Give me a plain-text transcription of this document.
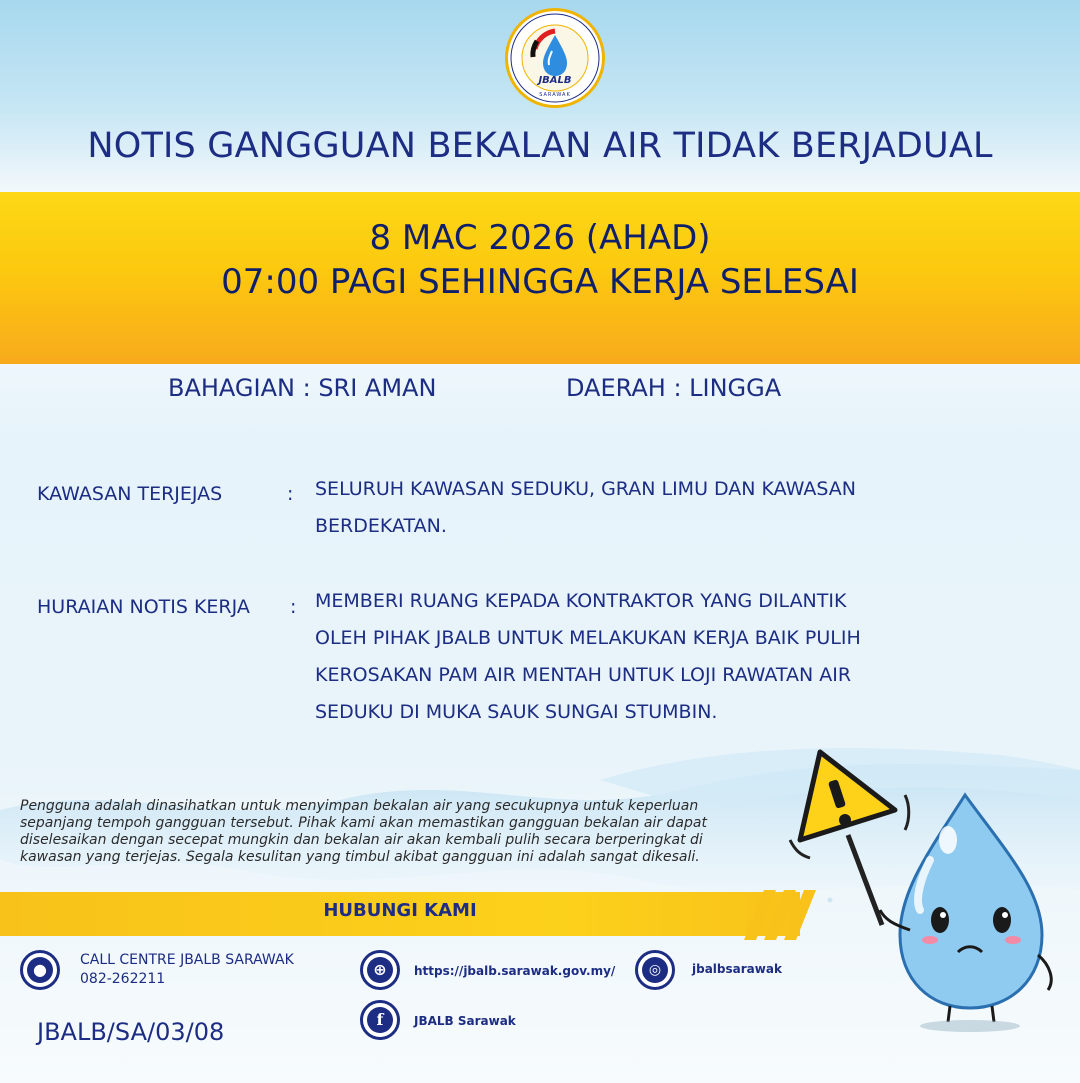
JBALB
SARAWAK
NOTIS GANGGUAN BEKALAN AIR TIDAK BERJADUAL
8 MAC 2026 (AHAD)
07:00 PAGI SEHINGGA KERJA SELESAI
BAHAGIAN : SRI AMAN	DAERAH : LINGGA
KAWASAN TERJEJAS	: SELURUH KAWASAN SEDUKU, GRAN LIMU DAN KAWASAN
BERDEKATAN.
HURAIAN NOTIS KERJA : MEMBERI RUANG KEPADA KONTRAKTOR YANG DILANTIK
OLEH PIHAK JBALB UNTUK MELAKUKAN KERJA BAIK PULIH
KEROSAKAN PAM AIR MENTAH UNTUK LOJI RAWATAN AIR
SEDUKU DI MUKA SAUK SUNGAI STUMBIN.
Pengguna adalah dinasihatkan untuk menyimpan bekalan air yang secukupnya untuk keperluan
sepanjang tempoh gangguan tersebut. Pihak kami akan memastikan gangguan bekalan air dapat
diselesaikan dengan secepat mungkin dan bekalan air akan kembali pulih secara berperingkat di
kawasan yang terjejas. Segala kesulitan yang timbul akibat gangguan ini adalah sangat dikesali.
HUBUNGI KAMI
●	CALL CENTRE JBALB SARAWAK
082-262211	⊕	https://jbalb.sarawak.gov.my/	◎	jbalbsarawak
f	JBALB Sarawak
JBALB/SA/03/08
